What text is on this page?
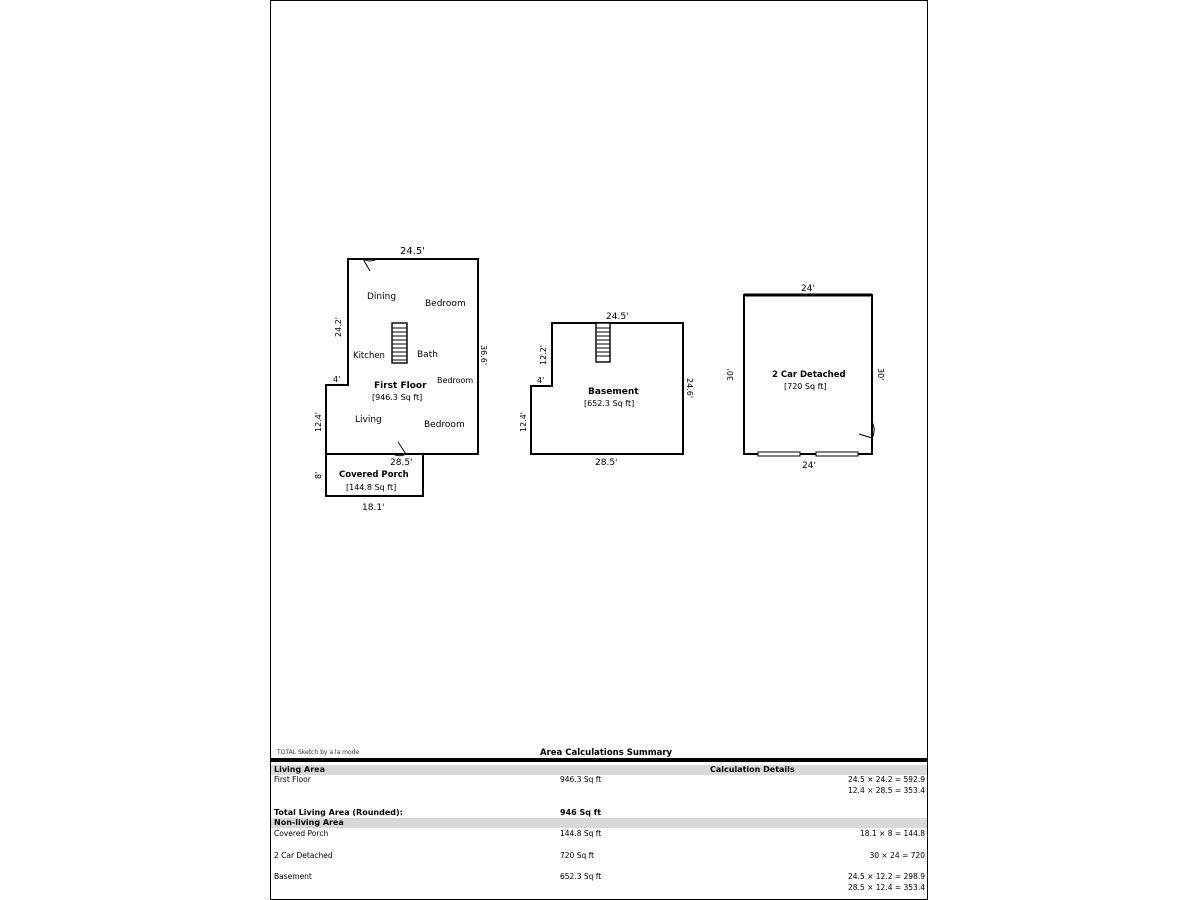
24.5'
24.2'
36.6'
4'
12.4'
28.5'
Dining
Bedroom
Kitchen	Bath
Bedroom
First Floor
[946.3 Sq ft]
Living	Bedroom
Covered Porch
[144.8 Sq ft]
8'
18.1'
24.5'
12.2'
24.6'
4'
12.4'
28.5'
Basement
[652.3 Sq ft]
24'
30'	30'
24'
2 Car Detached
[720 Sq ft]
TOTAL Sketch by a la mode	Area Calculations Summary
Living Area	Calculation Details
First Floor	946.3 Sq ft	24.5 × 24.2 = 592.9
12.4 × 28.5 = 353.4
Total Living Area (Rounded):	946 Sq ft
Non-living Area
Covered Porch	144.8 Sq ft	18.1 × 8 = 144.8
2 Car Detached	720 Sq ft	30 × 24 = 720
Basement	652.3 Sq ft	24.5 × 12.2 = 298.9
28.5 × 12.4 = 353.4
